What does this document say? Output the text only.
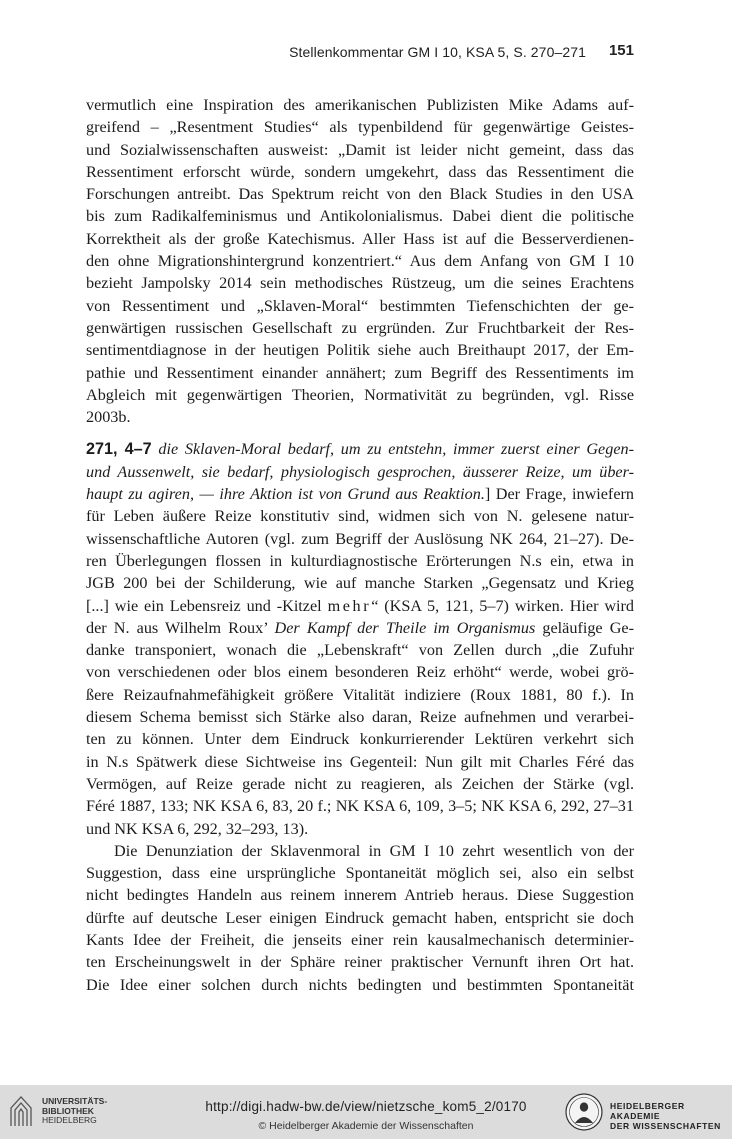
Stellenkommentar GM I 10, KSA 5, S. 270–271 151

vermutlich eine Inspiration des amerikanischen Publizisten Mike Adams auf-
greifend – „Resentment Studies“ als typenbildend für gegenwärtige Geistes-
und Sozialwissenschaften ausweist: „Damit ist leider nicht gemeint, dass das
Ressentiment erforscht würde, sondern umgekehrt, dass das Ressentiment die
Forschungen antreibt. Das Spektrum reicht von den Black Studies in den USA
bis zum Radikalfeminismus und Antikolonialismus. Dabei dient die politische
Korrektheit als der große Katechismus. Aller Hass ist auf die Besserverdienen-
den ohne Migrationshintergrund konzentriert.“ Aus dem Anfang von GM I 10
bezieht Jampolsky 2014 sein methodisches Rüstzeug, um die seines Erachtens
von Ressentiment und „Sklaven-Moral“ bestimmten Tiefenschichten der ge-
genwärtigen russischen Gesellschaft zu ergründen. Zur Fruchtbarkeit der Res-
sentimentdiagnose in der heutigen Politik siehe auch Breithaupt 2017, der Em-
pathie und Ressentiment einander annähert; zum Begriff des Ressentiments im
Abgleich mit gegenwärtigen Theorien, Normativität zu begründen, vgl. Risse
2003b.

271, 4–7 die Sklaven-Moral bedarf, um zu entstehn, immer zuerst einer Gegen-
und Aussenwelt, sie bedarf, physiologisch gesprochen, äusserer Reize, um über-
haupt zu agiren, — ihre Aktion ist von Grund aus Reaktion.] Der Frage, inwiefern
für Leben äußere Reize konstitutiv sind, widmen sich von N. gelesene natur-
wissenschaftliche Autoren (vgl. zum Begriff der Auslösung NK 264, 21–27). De-
ren Überlegungen flossen in kulturdiagnostische Erörterungen N.s ein, etwa in
JGB 200 bei der Schilderung, wie auf manche Starken „Gegensatz und Krieg
[...] wie ein Lebensreiz und -Kitzel mehr“ (KSA 5, 121, 5–7) wirken. Hier wird
der N. aus Wilhelm Roux’ Der Kampf der Theile im Organismus geläufige Ge-
danke transponiert, wonach die „Lebenskraft“ von Zellen durch „die Zufuhr
von verschiedenen oder blos einem besonderen Reiz erhöht“ werde, wobei grö-
ßere Reizaufnahmefähigkeit größere Vitalität indiziere (Roux 1881, 80 f.). In
diesem Schema bemisst sich Stärke also daran, Reize aufnehmen und verarbei-
ten zu können. Unter dem Eindruck konkurrierender Lektüren verkehrt sich
in N.s Spätwerk diese Sichtweise ins Gegenteil: Nun gilt mit Charles Féré das
Vermögen, auf Reize gerade nicht zu reagieren, als Zeichen der Stärke (vgl.
Féré 1887, 133; NK KSA 6, 83, 20 f.; NK KSA 6, 109, 3–5; NK KSA 6, 292, 27–31
und NK KSA 6, 292, 32–293, 13).

Die Denunziation der Sklavenmoral in GM I 10 zehrt wesentlich von der
Suggestion, dass eine ursprüngliche Spontaneität möglich sei, also ein selbst
nicht bedingtes Handeln aus reinem innerem Antrieb heraus. Diese Suggestion
dürfte auf deutsche Leser einigen Eindruck gemacht haben, entspricht sie doch
Kants Idee der Freiheit, die jenseits einer rein kausalmechanisch determinier-
ten Erscheinungswelt in der Sphäre reiner praktischer Vernunft ihren Ort hat.
Die Idee einer solchen durch nichts bedingten und bestimmten Spontaneität

UNIVERSITÄTS-
BIBLIOTHEK
HEIDELBERG
http://digi.hadw-bw.de/view/nietzsche_kom5_2/0170
© Heidelberger Akademie der Wissenschaften
HEIDELBERGER AKADEMIE
DER WISSENSCHAFTEN
